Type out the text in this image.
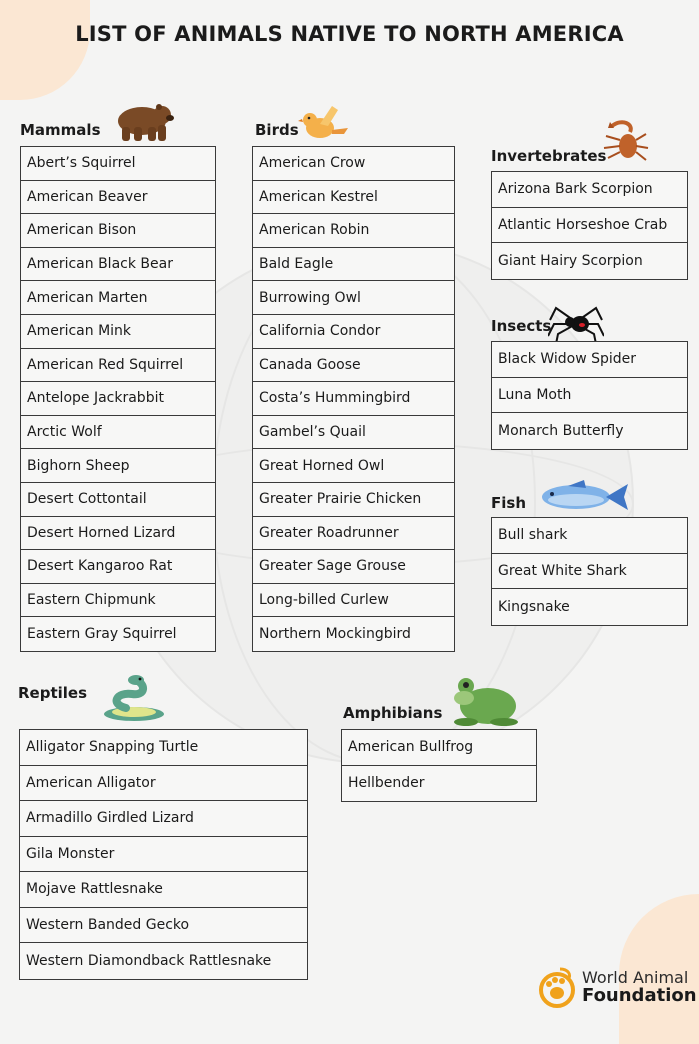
LIST OF ANIMALS NATIVE TO NORTH AMERICA
Mammals
Abert’s Squirrel
American Beaver
American Bison
American Black Bear
American Marten
American Mink
American Red Squirrel
Antelope Jackrabbit
Arctic Wolf
Bighorn Sheep
Desert Cottontail
Desert Horned Lizard
Desert Kangaroo Rat
Eastern Chipmunk
Eastern Gray Squirrel
Birds
American Crow
American Kestrel
American Robin
Bald Eagle
Burrowing Owl
California Condor
Canada Goose
Costa’s Hummingbird
Gambel’s Quail
Great Horned Owl
Greater Prairie Chicken
Greater Roadrunner
Greater Sage Grouse
Long-billed Curlew
Northern Mockingbird
Invertebrates
Arizona Bark Scorpion
Atlantic Horseshoe Crab
Giant Hairy Scorpion
Insects
Black Widow Spider
Luna Moth
Monarch Butterfly
Fish
Bull shark
Great White Shark
Kingsnake
Reptiles
Alligator Snapping Turtle
American Alligator
Armadillo Girdled Lizard
Gila Monster
Mojave Rattlesnake
Western Banded Gecko
Western Diamondback Rattlesnake
Amphibians
American Bullfrog
Hellbender
World Animal
Foundation
